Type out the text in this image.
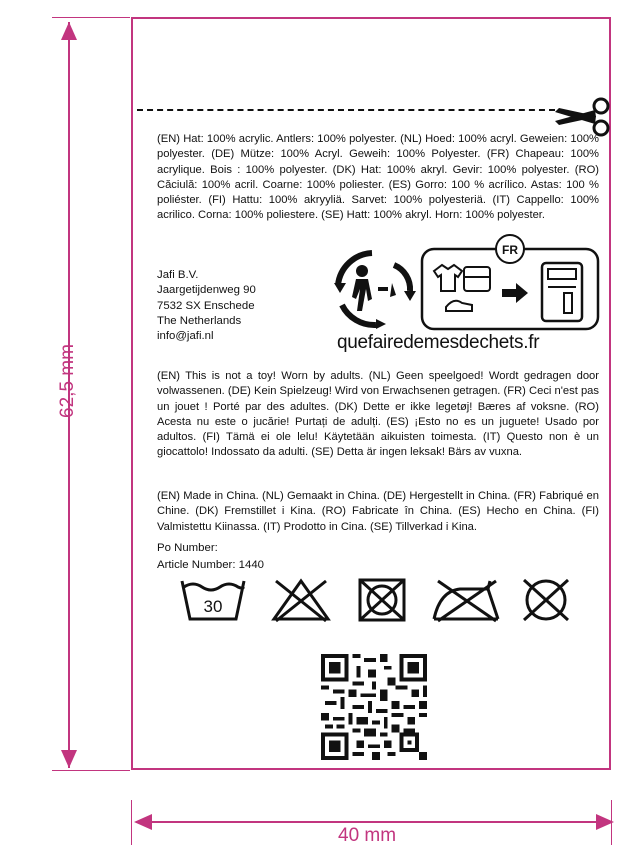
62,5 mm
40 mm

(EN) Hat: 100% acrylic. Antlers: 100% polyester. (NL) Hoed: 100% acryl. Geweien: 100% polyester. (DE) Mütze: 100% Acryl. Geweih: 100% Polyester. (FR) Chapeau: 100% acrylique. Bois : 100% polyester. (DK) Hat: 100% akryl. Gevir: 100% polyester. (RO) Căciulă: 100% acril. Coarne: 100% poliester. (ES) Gorro: 100 % acrílico. Astas: 100 % poliéster. (FI) Hattu: 100% akryyliä. Sarvet: 100% polyesteriä. (IT) Cappello: 100% acrilico. Corna: 100% poliestere. (SE) Hatt: 100% akryl. Horn: 100% polyester.

Jafi B.V.
Jaargetijdenweg 90
7532 SX Enschede
The Netherlands
info@jafi.nl
FR
quefairedemesdechets.fr

(EN) This is not a toy! Worn by adults. (NL) Geen speelgoed! Wordt gedragen door volwassenen. (DE) Kein Spielzeug! Wird von Erwachsenen getragen. (FR) Ceci n'est pas un jouet ! Porté par des adultes. (DK) Dette er ikke legetøj! Bæres af voksne. (RO) Acesta nu este o jucărie! Purtați de adulți. (ES) ¡Esto no es un juguete! Usado por adultos. (FI) Tämä ei ole lelu! Käytetään aikuisten toimesta. (IT) Questo non è un giocattolo! Indossato da adulti. (SE) Detta är ingen leksak! Bärs av vuxna.

(EN) Made in China. (NL) Gemaakt in China. (DE) Hergestellt in China. (FR) Fabriqué en Chine. (DK) Fremstillet i Kina. (RO) Fabricate în China. (ES) Hecho en China. (FI) Valmistettu Kiinassa. (IT) Prodotto in Cina. (SE) Tillverkad i Kina.

Po Number:
Article Number: 1440
30
